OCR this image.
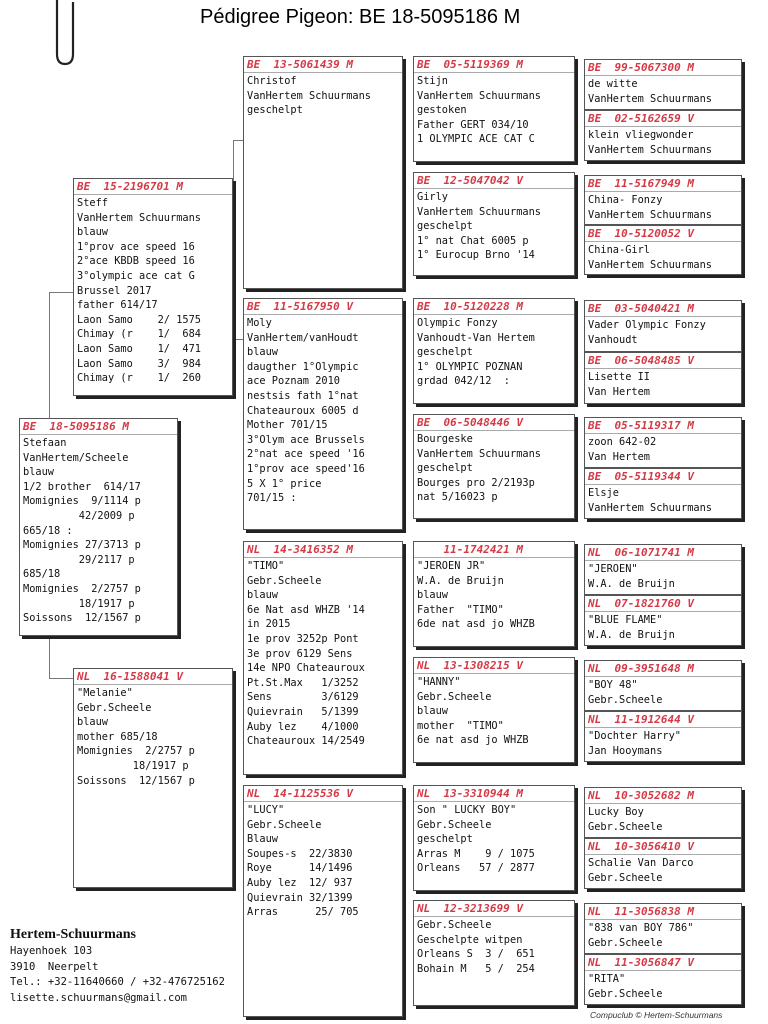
Pédigree Pigeon: BE 18-5095186 M
BE  18-5095186 M
Stefaan
VanHertem/Scheele
blauw
1/2 brother  614/17
Momignies  9/1114 p
42/2009 p
665/18 :
Momignies 27/3713 p
29/2117 p
685/18
Momignies  2/2757 p
18/1917 p
Soissons  12/1567 p
BE  15-2196701 M
Steff
VanHertem Schuurmans
blauw
1°prov ace speed 16
2°ace KBDB speed 16
3°olympic ace cat G
Brussel 2017
father 614/17
Laon Samo    2/ 1575
Chimay (r    1/  684
Laon Samo    1/  471
Laon Samo    3/  984
Chimay (r    1/  260
NL  16-1588041 V
"Melanie"
Gebr.Scheele
blauw
mother 685/18
Momignies  2/2757 p
18/1917 p
Soissons  12/1567 p
BE  13-5061439 M
Christof
VanHertem Schuurmans
geschelpt
BE  11-5167950 V
Moly
VanHertem/vanHoudt
blauw
daugther 1°Olympic
ace Poznam 2010
nestsis fath 1°nat
Chateauroux 6005 d
Mother 701/15
3°Olym ace Brussels
2°nat ace speed '16
1°prov ace speed'16
5 X 1° price
701/15 :
NL  14-3416352 M
"TIMO"
Gebr.Scheele
blauw
6e Nat asd WHZB '14
in 2015
1e prov 3252p Pont
3e prov 6129 Sens
14e NPO Chateauroux
Pt.St.Max   1/3252
Sens        3/6129
Quievrain   5/1399
Auby lez    4/1000
Chateauroux 14/2549
NL  14-1125536 V
"LUCY"
Gebr.Scheele
Blauw
Soupes-s  22/3830
Roye      14/1496
Auby lez  12/ 937
Quievrain 32/1399
Arras      25/ 705
BE  05-5119369 M
Stijn
VanHertem Schuurmans
gestoken
Father GERT 034/10
1 OLYMPIC ACE CAT C
BE  12-5047042 V
Girly
VanHertem Schuurmans
geschelpt
1° nat Chat 6005 p
1° Eurocup Brno '14
BE  10-5120228 M
Olympic Fonzy
Vanhoudt-Van Hertem
geschelpt
1° OLYMPIC POZNAN
grdad 042/12  :
BE  06-5048446 V
Bourgeske
VanHertem Schuurmans
geschelpt
Bourges pro 2/2193p
nat 5/16023 p
11-1742421 M
"JEROEN JR"
W.A. de Bruijn
blauw
Father  "TIMO"
6de nat asd jo WHZB
NL  13-1308215 V
"HANNY"
Gebr.Scheele
blauw
mother  "TIMO"
6e nat asd jo WHZB
NL  13-3310944 M
Son " LUCKY BOY"
Gebr.Scheele
geschelpt
Arras M    9 / 1075
Orleans   57 / 2877
NL  12-3213699 V
Gebr.Scheele
Geschelpte witpen
Orleans S  3 /  651
Bohain M   5 /  254
BE  99-5067300 M
de witte
VanHertem Schuurmans
BE  02-5162659 V
klein vliegwonder
VanHertem Schuurmans
BE  11-5167949 M
China- Fonzy
VanHertem Schuurmans
BE  10-5120052 V
China-Girl
VanHertem Schuurmans
BE  03-5040421 M
Vader Olympic Fonzy
Vanhoudt
BE  06-5048485 V
Lisette II
Van Hertem
BE  05-5119317 M
zoon 642-02
Van Hertem
BE  05-5119344 V
Elsje
VanHertem Schuurmans
NL  06-1071741 M
"JEROEN"
W.A. de Bruijn
NL  07-1821760 V
"BLUE FLAME"
W.A. de Bruijn
NL  09-3951648 M
"BOY 48"
Gebr.Scheele
NL  11-1912644 V
"Dochter Harry"
Jan Hooymans
NL  10-3052682 M
Lucky Boy
Gebr.Scheele
NL  10-3056410 V
Schalie Van Darco
Gebr.Scheele
NL  11-3056838 M
"838 van BOY 786"
Gebr.Scheele
NL  11-3056847 V
"RITA"
Gebr.Scheele
Hertem-Schuurmans
Hayenhoek 103
3910  Neerpelt
Tel.: +32-11640660 / +32-476725162
lisette.schuurmans@gmail.com
Compuclub © Hertem-Schuurmans
